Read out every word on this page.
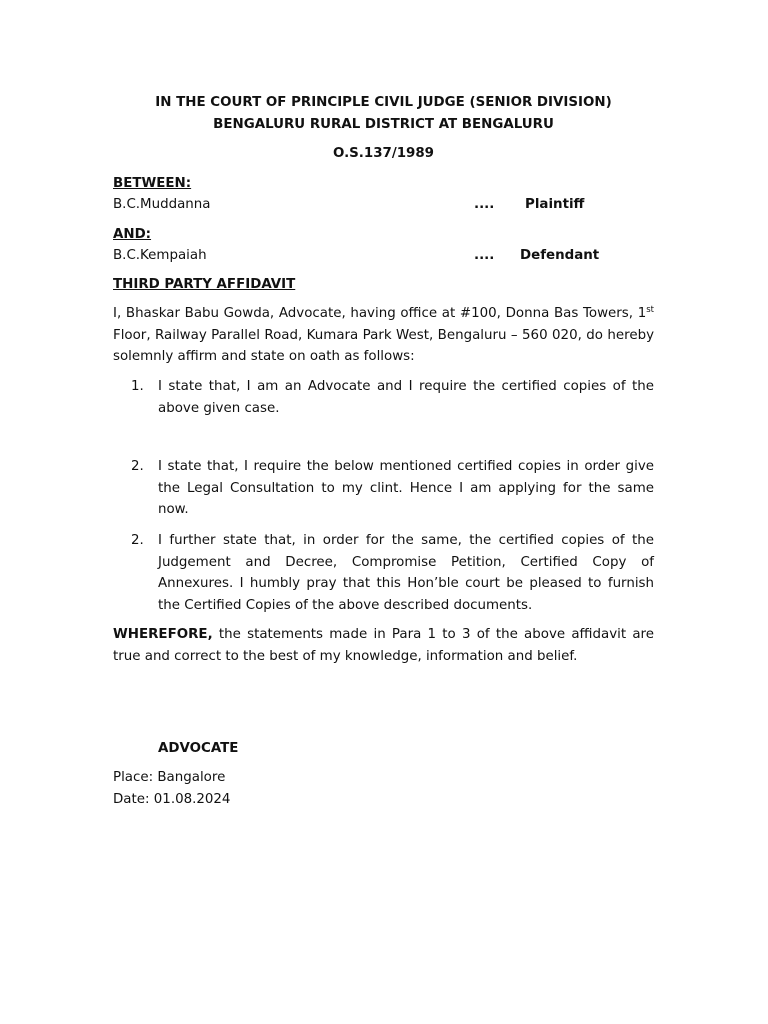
IN THE COURT OF PRINCIPLE CIVIL JUDGE (SENIOR DIVISION)
BENGALURU RURAL DISTRICT AT BENGALURU
O.S.137/1989
BETWEEN:
B.C.Muddanna	.... Plaintiff
AND:
B.C.Kempaiah	.... Defendant
THIRD PARTY AFFIDAVIT
I, Bhaskar Babu Gowda, Advocate, having office at #100, Donna Bas Towers, 1st Floor, Railway Parallel Road, Kumara Park West, Bengaluru – 560 020, do hereby solemnly affirm and state on oath as follows:
1.	I state that, I am an Advocate and I require the certified copies of the above given case.
2.	I state that, I require the below mentioned certified copies in order give the Legal Consultation to my clint. Hence I am applying for the same now.
2.	I further state that, in order for the same, the certified copies of the Judgement and Decree, Compromise Petition, Certified Copy of Annexures. I humbly pray that this Hon’ble court be pleased to furnish the Certified Copies of the above described documents.
WHEREFORE, the statements made in Para 1 to 3 of the above affidavit are true and correct to the best of my knowledge, information and belief.
ADVOCATE
Place: Bangalore
Date: 01.08.2024
